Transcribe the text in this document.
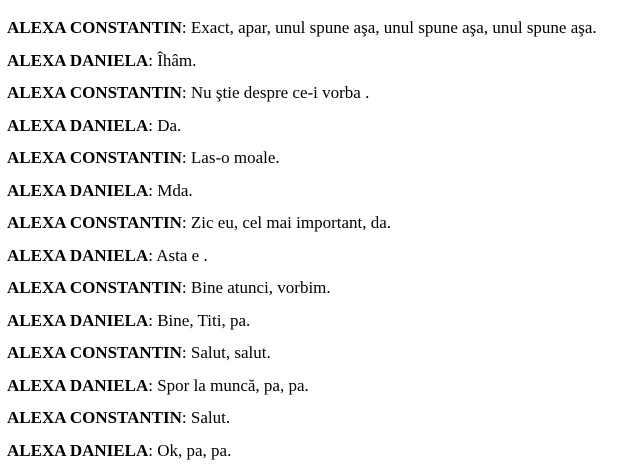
ALEXA CONSTANTIN: Exact, apar, unul spune aşa, unul spune aşa, unul spune aşa.

ALEXA DANIELA: Îhâm.

ALEXA CONSTANTIN: Nu ştie despre ce-i vorba .

ALEXA DANIELA: Da.

ALEXA CONSTANTIN: Las-o moale.

ALEXA DANIELA: Mda.

ALEXA CONSTANTIN: Zic eu, cel mai important, da.

ALEXA DANIELA: Asta e .

ALEXA CONSTANTIN: Bine atunci, vorbim.

ALEXA DANIELA: Bine, Titi, pa.

ALEXA CONSTANTIN: Salut, salut.

ALEXA DANIELA: Spor la muncă, pa, pa.

ALEXA CONSTANTIN: Salut.

ALEXA DANIELA: Ok, pa, pa.
